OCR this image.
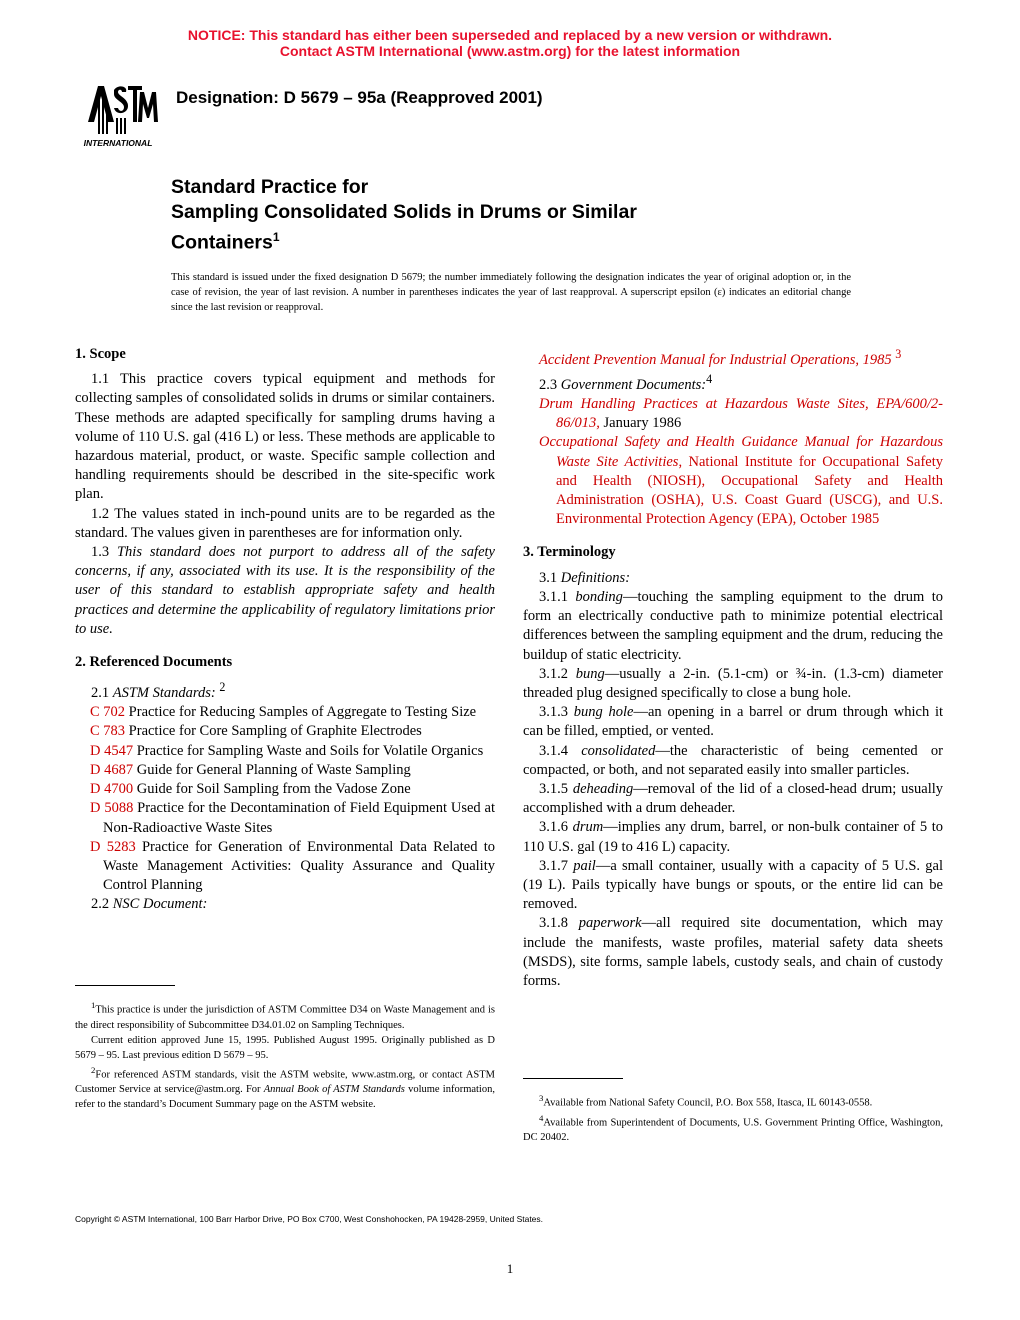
NOTICE: This standard has either been superseded and replaced by a new version or withdrawn.
Contact ASTM International (www.astm.org) for the latest information
INTERNATIONAL
Designation: D 5679 – 95a (Reapproved 2001)
Standard Practice for
Sampling Consolidated Solids in Drums or Similar
Containers$^1$
This standard is issued under the fixed designation D 5679; the number immediately following the designation indicates the year of original adoption or, in the case of revision, the year of last revision. A number in parentheses indicates the year of last reapproval. A superscript epsilon (ε) indicates an editorial change since the last revision or reapproval.

1. Scope

1.1 This practice covers typical equipment and methods for collecting samples of consolidated solids in drums or similar containers. These methods are adapted specifically for sampling drums having a volume of 110 U.S. gal (416 L) or less. These methods are applicable to hazardous material, product, or waste. Specific sample collection and handling requirements should be described in the site-specific work plan.

1.2 The values stated in inch-pound units are to be regarded as the standard. The values given in parentheses are for information only.

1.3 This standard does not purport to address all of the safety concerns, if any, associated with its use. It is the responsibility of the user of this standard to establish appropriate safety and health practices and determine the applicability of regulatory limitations prior to use.

2. Referenced Documents

2.1 ASTM Standards: $^2$

C 702 Practice for Reducing Samples of Aggregate to Testing Size

C 783 Practice for Core Sampling of Graphite Electrodes

D 4547 Practice for Sampling Waste and Soils for Volatile Organics

D 4687 Guide for General Planning of Waste Sampling

D 4700 Guide for Soil Sampling from the Vadose Zone

D 5088 Practice for the Decontamination of Field Equipment Used at Non-Radioactive Waste Sites

D 5283 Practice for Generation of Environmental Data Related to Waste Management Activities: Quality Assurance and Quality Control Planning

2.2 NSC Document:

Accident Prevention Manual for Industrial Operations, 1985 $^3$

2.3 Government Documents:$^4$

Drum Handling Practices at Hazardous Waste Sites, EPA/600/2-86/013, January 1986

Occupational Safety and Health Guidance Manual for Hazardous Waste Site Activities, National Institute for Occupational Safety and Health (NIOSH), Occupational Safety and Health Administration (OSHA), U.S. Coast Guard (USCG), and U.S. Environmental Protection Agency (EPA), October 1985

3. Terminology

3.1 Definitions:

3.1.1 bonding—touching the sampling equipment to the drum to form an electrically conductive path to minimize potential electrical differences between the sampling equipment and the drum, reducing the buildup of static electricity.

3.1.2 bung—usually a 2-in. (5.1-cm) or ¾-in. (1.3-cm) diameter threaded plug designed specifically to close a bung hole.

3.1.3 bung hole—an opening in a barrel or drum through which it can be filled, emptied, or vented.

3.1.4 consolidated—the characteristic of being cemented or compacted, or both, and not separated easily into smaller particles.

3.1.5 deheading—removal of the lid of a closed-head drum; usually accomplished with a drum deheader.

3.1.6 drum—implies any drum, barrel, or non-bulk container of 5 to 110 U.S. gal (19 to 416 L) capacity.

3.1.7 pail—a small container, usually with a capacity of 5 U.S. gal (19 L). Pails typically have bungs or spouts, or the entire lid can be removed.

3.1.8 paperwork—all required site documentation, which may include the manifests, waste profiles, material safety data sheets (MSDS), site forms, sample labels, custody seals, and chain of custody forms.

$^1$This practice is under the jurisdiction of ASTM Committee D34 on Waste Management and is the direct responsibility of Subcommittee D34.01.02 on Sampling Techniques.

Current edition approved June 15, 1995. Published August 1995. Originally published as D 5679 – 95. Last previous edition D 5679 – 95.

$^2$For referenced ASTM standards, visit the ASTM website, www.astm.org, or contact ASTM Customer Service at service@astm.org. For Annual Book of ASTM Standards volume information, refer to the standard’s Document Summary page on the ASTM website.

$^3$Available from National Safety Council, P.O. Box 558, Itasca, IL 60143-0558.

$^4$Available from Superintendent of Documents, U.S. Government Printing Office, Washington, DC 20402.

Copyright © ASTM International, 100 Barr Harbor Drive, PO Box C700, West Conshohocken, PA 19428-2959, United States.
1
